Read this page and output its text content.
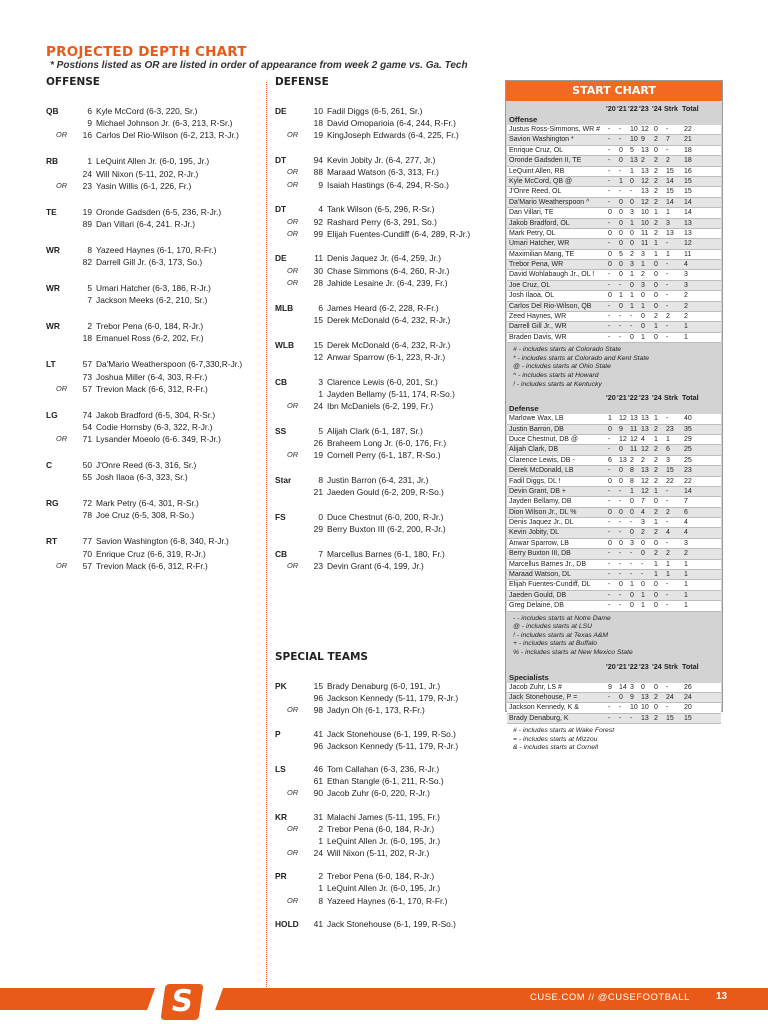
PROJECTED DEPTH CHART
* Postions listed as OR are listed in order of appearance from week 2 game vs. Ga. Tech
OFFENSE
QB	6 Kyle McCord (6-3, 220, Sr.)
9 Michael Johnson Jr. (6-3, 213, R-Sr.)
OR	16 Carlos Del Rio-Wilson (6-2, 213, R-Jr.)
RB	1 LeQuint Allen Jr. (6-0, 195, Jr.)
24 Will Nixon (5-11, 202, R-Jr.)
OR	23 Yasin Willis (6-1, 226, Fr.)
TE	19 Oronde Gadsden (6-5, 236, R-Jr.)
89 Dan Villari (6-4, 241. R-Jr.)
WR	8 Yazeed Haynes (6-1, 170, R-Fr.)
82 Darrell Gill Jr. (6-3, 173, So.)
WR	5 Umari Hatcher (6-3, 186, R-Jr.)
7 Jackson Meeks (6-2, 210, Sr.)
WR	2 Trebor Pena (6-0, 184, R-Jr.)
18 Emanuel Ross (6-2, 202, Fr.)
LT	57 Da'Mario Weatherspoon (6-7,330,R-Jr.)
73 Joshua Miller (6-4, 303, R-Fr.)
OR	57 Trevion Mack (6-6, 312, R-Fr.)
LG	74 Jakob Bradford (6-5, 304, R-Sr.)
54 Codie Hornsby (6-3, 322, R-Jr.)
OR	71 Lysander Moeolo (6-6. 349, R-Jr.)
C	50 J'Onre Reed (6-3, 316, Sr.)
55 Josh Ilaoa (6-3, 323, Sr.)
RG	72 Mark Petry (6-4, 301, R-Sr.)
78 Joe Cruz (6-5, 308, R-So.)
RT	77 Savion Washington (6-8, 340, R-Jr.)
70 Enrique Cruz (6-6, 319, R-Jr.)
OR	57 Trevion Mack (6-6, 312, R-Fr.)
DEFENSE
DE	10 Fadil Diggs (6-5, 261, Sr.)
18 David Omoparioia (6-4, 244, R-Fr.)
OR	19 KingJoseph Edwards (6-4, 225, Fr.)
DT	94 Kevin Jobity Jr. (6-4, 277, Jr.)
OR	88 Maraad Watson (6-3, 313, Fr.)
OR	9 Isaiah Hastings (6-4, 294, R-So.)
DT	4 Tank Wilson (6-5, 296, R-Sr.)
OR	92 Rashard Perry (6-3, 291, So.)
OR	99 Elijah Fuentes-Cundiff (6-4, 289, R-Jr.)
DE	11 Denis Jaquez Jr. (6-4, 259, Jr.)
OR	30 Chase Simmons (6-4, 260, R-Jr.)
OR	28 Jahide Lesaine Jr. (6-4, 239, Fr.)
MLB	6 James Heard (6-2, 228, R-Fr.)
15 Derek McDonald (6-4, 232, R-Jr.)
WLB	15 Derek McDonald (6-4, 232, R-Jr.)
12 Anwar Sparrow (6-1, 223, R-Jr.)
CB	3 Clarence Lewis (6-0, 201, Sr.)
1 Jayden Bellamy (5-11, 174, R-So.)
OR	24 Ibn McDaniels (6-2, 199, Fr.)
SS	5 Alijah Clark (6-1, 187, Sr.)
26 Braheem Long Jr. (6-0, 176, Fr.)
OR	19 Cornell Perry (6-1, 187, R-So.)
Star	8 Justin Barron (6-4, 231, Jr.)
21 Jaeden Gould (6-2, 209, R-So.)
FS	0 Duce Chestnut (6-0, 200, R-Jr.)
29 Berry Buxton III (6-2, 200, R-Jr.)
CB	7 Marcellus Barnes (6-1, 180, Fr.)
OR	23 Devin Grant (6-4, 199, Jr.)
SPECIAL TEAMS
PK	15 Brady Denaburg (6-0, 191, Jr.)
96 Jackson Kennedy (5-11, 179, R-Jr.)
OR	98 Jadyn Oh (6-1, 173, R-Fr.)
P	41 Jack Stonehouse (6-1, 199, R-So.)
96 Jackson Kennedy (5-11, 179, R-Jr.)
LS	46 Tom Callahan (6-3, 236, R-Jr.)
61 Ethan Stangle (6-1, 211, R-So.)
OR	90 Jacob Zuhr (6-0, 220, R-Jr.)
KR	31 Malachi James (5-11, 195, Fr.)
OR	2 Trebor Pena (6-0, 184, R-Jr.)
1 LeQuint Allen Jr. (6-0, 195, Jr.)
OR	24 Will Nixon (5-11, 202, R-Jr.)
PR	2 Trebor Pena (6-0, 184, R-Jr.)
1 LeQuint Allen Jr. (6-0, 195, Jr.)
OR	8 Yazeed Haynes (6-1, 170, R-Fr.)
HOLD	41 Jack Stonehouse (6-1, 199, R-So.)
START CHART
'20 '21 '22 '23 '24 Strk Total
Offense
Justus Ross-Simmons, WR #	- - 10 12 0 - 22
Savion Washington *	- - 10 9 2 7 21
Enrique Cruz, OL	- 0 5 13 0 - 18
Oronde Gadsden II, TE	- 0 13 2 2 2 18
LeQuint Allen, RB	- - 1 13 2 15 16
Kyle McCord, QB @	- 1 0 12 2 14 15
J'Onre Reed, OL	- - - 13 2 15 15
Da'Mario Weatherspoon ^	- 0 0 12 2 14 14
Dan Villari, TE	0 0 3 10 1 1 14
Jakob Bradford, OL	- 0 1 10 2 3 13
Mark Petry, OL	0 0 0 11 2 13 13
Umari Hatcher, WR	- 0 0 11 1 - 12
Maximilian Mang, TE	0 5 2 3 1 1 11
Trebor Pena, WR	0 0 3 1 0 - 4
David Wohlabaugh Jr., OL !	- 0 1 2 0 - 3
Joe Cruz, OL	- - 0 3 0 - 3
Josh Ilaoa, OL	0 1 1 0 0 - 2
Carlos Del Rio-Wilson, QB	- 0 1 1 0 - 2
Zeed Haynes, WR	- - - 0 2 2 2
Darrell Gill Jr., WR	- - - 0 1 - 1
Braden Davis, WR	- - 0 1 0 - 1
# - includes starts at Colorado State
* - includes starts at Colorado and Kent State
@ - includes starts at Ohio State
^ - includes starts at Howard
! - includes starts at Kentucky
'20 '21 '22 '23 '24 Strk Total
Defense
Marlowe Wax, LB	1 12 13 13 1 - 40
Justin Barron, DB	0 9 11 13 2 23 35
Duce Chestnut, DB @	- 12 12 4 1 1 29
Alijah Clark, DB	- 0 11 12 2 6 25
Clarence Lewis, DB -	6 13 2 2 2 3 25
Derek McDonald, LB	- 0 8 13 2 15 23
Fadil Diggs, DL !	0 0 8 12 2 22 22
Devin Grant, DB +	- - 1 12 1 - 14
Jayden Bellamy, DB	- - 0 7 0 - 7
Dion Wilson Jr., DL %	0 0 0 4 2 2 6
Denis Jaquez Jr., DL	- - - 3 1 - 4
Kevin Jobity, DL	- - 0 2 2 4 4
Anwar Sparrow, LB	0 0 3 0 0 - 3
Berry Buxton III, DB	- - - 0 2 2 2
Marcellus Barnes Jr., DB	- - - - 1 1 1
Maraad Watson, DL	- - - - 1 1 1
Elijah Fuentes-Cundiff, DL	- 0 1 0 0 - 1
Jaeden Gould, DB	- - 0 1 0 - 1
Greg Delaine, DB	- - 0 1 0 - 1
- - includes starts at Notre Dame
@ - includes starts at LSU
! - includes starts at Texas A&M
+ - includes starts at Buffalo
% - includes starts at New Mexico State
'20 '21 '22 '23 '24 Strk Total
Specialists
Jacob Zuhr, LS #	9 14 3 0 0 - 26
Jack Stonehouse, P =	- 0 9 13 2 24 24
Jackson Kennedy, K &	- - 10 10 0 - 20
Brady Denaburg, K	- - - 13 2 15 15
# - includes starts at Wake Forest
= - includes starts at Mizzou
& - includes starts at Cornell
S	CUSE.COM // @CUSEFOOTBALL	13
